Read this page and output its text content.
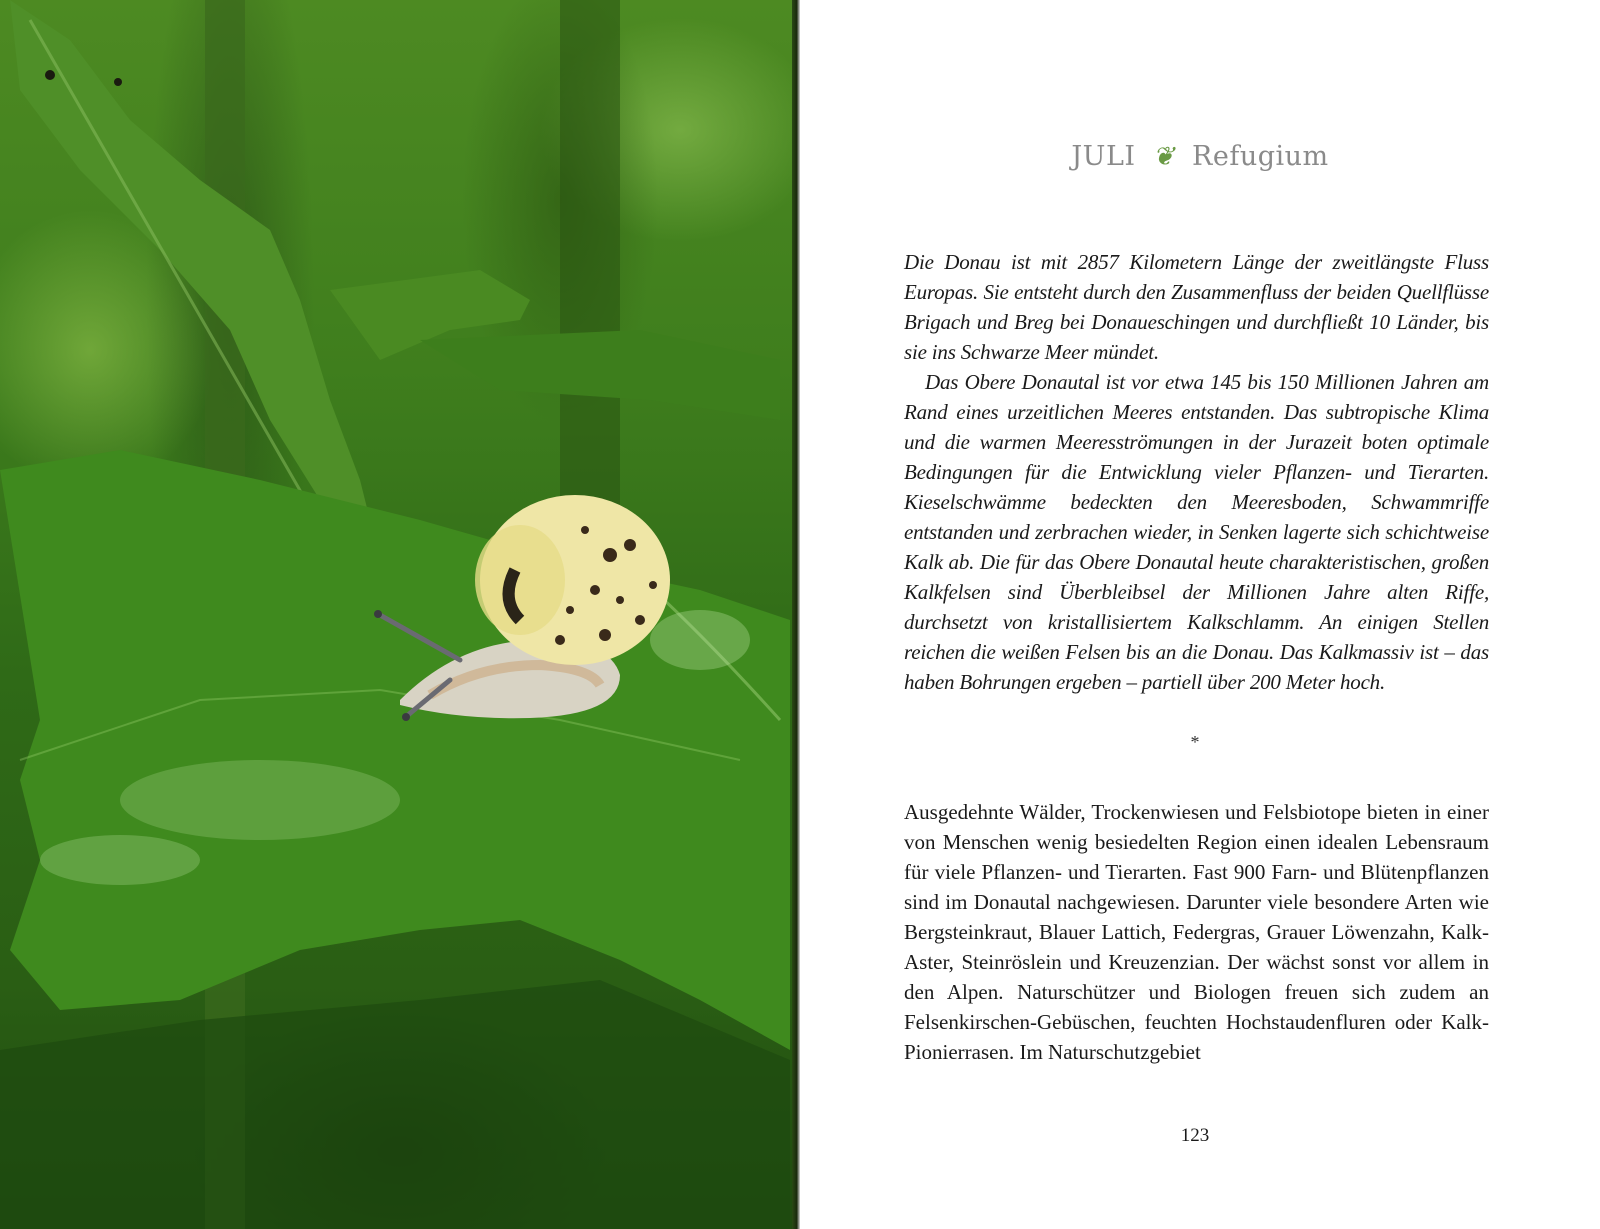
JULI ❦ Refugium

Die Donau ist mit 2857 Kilometern Länge der zweitlängste Fluss Europas. Sie entsteht durch den Zusammenfluss der beiden Quellflüsse Brigach und Breg bei Donaueschingen und durchfließt 10 Länder, bis sie ins Schwarze Meer mündet.

Das Obere Donautal ist vor etwa 145 bis 150 Millionen Jahren am Rand eines urzeitlichen Meeres entstanden. Das subtropische Klima und die warmen Meeresströmungen in der Jurazeit boten optimale Bedingungen für die Entwicklung vieler Pflanzen- und Tierarten. Kieselschwämme bedeckten den Meeresboden, Schwammriffe entstanden und zerbrachen wieder, in Senken lagerte sich schichtweise Kalk ab. Die für das Obere Donautal heute charakteristischen, großen Kalkfelsen sind Überbleibsel der Millionen Jahre alten Riffe, durchsetzt von kristallisiertem Kalkschlamm. An einigen Stellen reichen die weißen Felsen bis an die Donau. Das Kalkmassiv ist – das haben Bohrungen ergeben – partiell über 200 Meter hoch.

*

Ausgedehnte Wälder, Trockenwiesen und Felsbiotope bieten in einer von Menschen wenig besiedelten Region einen idealen Lebensraum für viele Pflanzen- und Tierarten. Fast 900 Farn- und Blütenpflanzen sind im Donautal nachgewiesen. Darunter viele besondere Arten wie Bergsteinkraut, Blauer Lattich, Federgras, Grauer Löwenzahn, Kalk-Aster, Steinröslein und Kreuzenzian. Der wächst sonst vor allem in den Alpen. Naturschützer und Biologen freuen sich zudem an Felsenkirschen-Gebüschen, feuchten Hochstaudenfluren oder Kalk-Pionierrasen. Im Naturschutzgebiet

123
